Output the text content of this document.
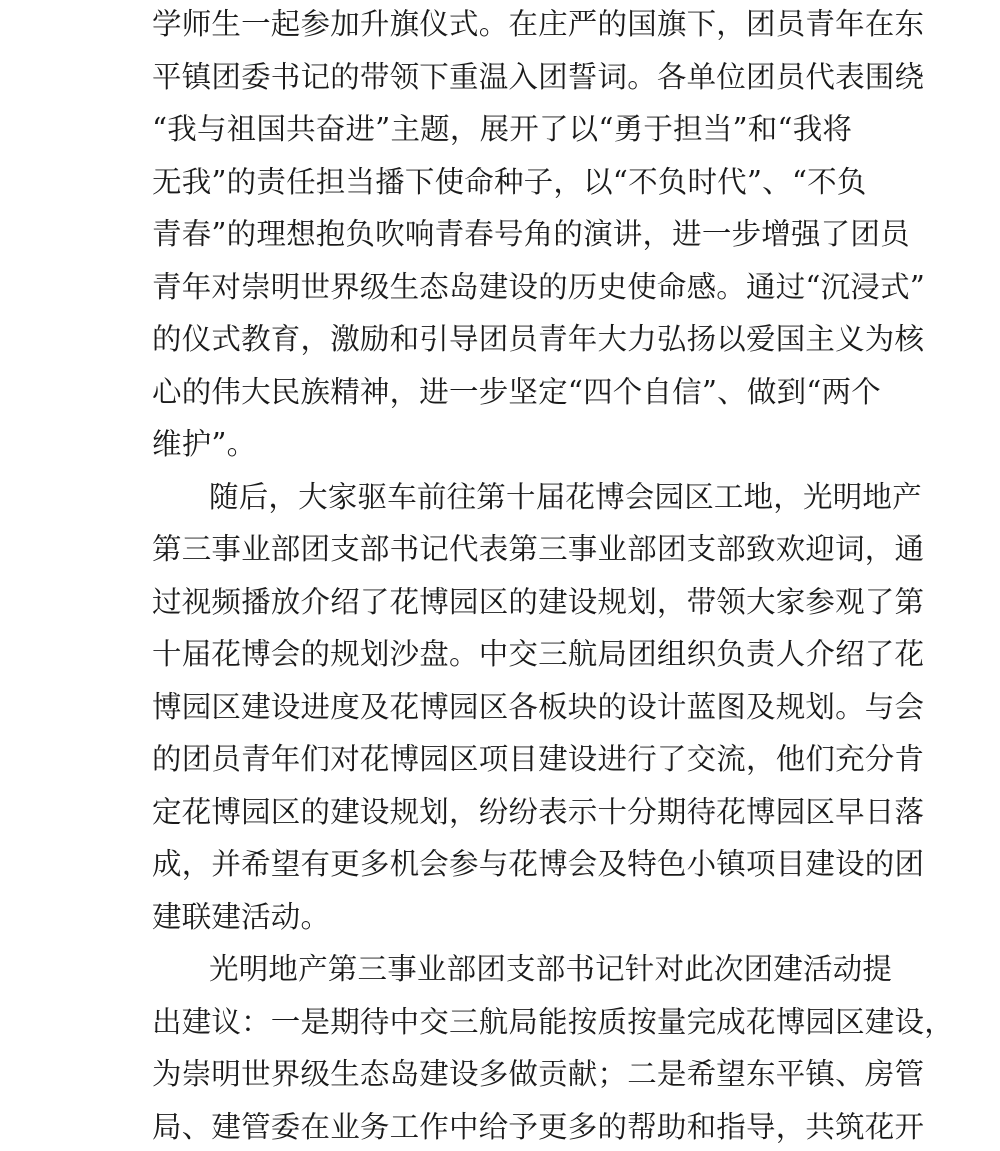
学师生一起参加升旗仪式。在庄严的国旗下，团员青年在东
平镇团委书记的带领下重温入团誓词。各单位团员代表围绕
“我与祖国共奋进”主题，展开了以“勇于担当”和“我将
无我”的责任担当播下使命种子，以“不负时代”、“不负
青春”的理想抱负吹响青春号角的演讲，进一步增强了团员
青年对崇明世界级生态岛建设的历史使命感。通过“沉浸式”
的仪式教育，激励和引导团员青年大力弘扬以爱国主义为核
心的伟大民族精神，进一步坚定“四个自信”、做到“两个
维护”。
随后，大家驱车前往第十届花博会园区工地，光明地产
第三事业部团支部书记代表第三事业部团支部致欢迎词，通
过视频播放介绍了花博园区的建设规划，带领大家参观了第
十届花博会的规划沙盘。中交三航局团组织负责人介绍了花
博园区建设进度及花博园区各板块的设计蓝图及规划。与会
的团员青年们对花博园区项目建设进行了交流，他们充分肯
定花博园区的建设规划，纷纷表示十分期待花博园区早日落
成，并希望有更多机会参与花博会及特色小镇项目建设的团
建联建活动。
光明地产第三事业部团支部书记针对此次团建活动提
出建议：一是期待中交三航局能按质按量完成花博园区建设，
为崇明世界级生态岛建设多做贡献；二是希望东平镇、房管
局、建管委在业务工作中给予更多的帮助和指导，共筑花开
